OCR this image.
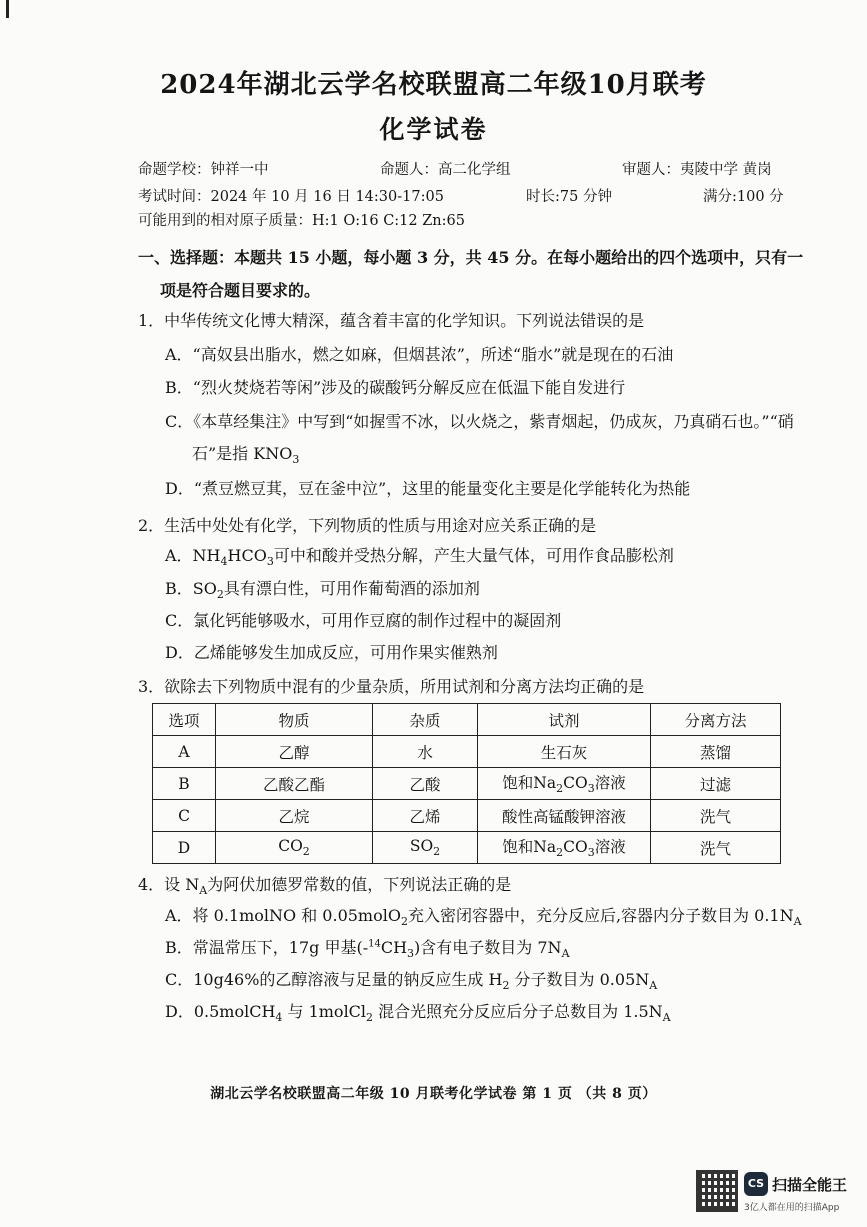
2024年湖北云学名校联盟高二年级10月联考
化学试卷
命题学校：钟祥一中	命题人：高二化学组	审题人：夷陵中学 黄岗
考试时间：2024 年 10 月 16 日 14:30-17:05	时长:75 分钟	满分:100 分
可能用到的相对原子质量：H:1 O:16 C:12 Zn:65
一、选择题：本题共 15 小题，每小题 3 分，共 45 分。在每小题给出的四个选项中，只有一
项是符合题目要求的。
1．中华传统文化博大精深，蕴含着丰富的化学知识。下列说法错误的是
A．“高奴县出脂水，燃之如麻，但烟甚浓”，所述“脂水”就是现在的石油
B．“烈火焚烧若等闲”涉及的碳酸钙分解反应在低温下能自发进行
C．《本草经集注》中写到“如握雪不冰，以火烧之，紫青烟起，仍成灰，乃真硝石也。”“硝
石”是指 $KNO_3$
D．“煮豆燃豆萁，豆在釜中泣”，这里的能量变化主要是化学能转化为热能
2．生活中处处有化学，下列物质的性质与用途对应关系正确的是
A．$NH_4HCO_3$可中和酸并受热分解，产生大量气体，可用作食品膨松剂
B．$SO_2$具有漂白性，可用作葡萄酒的添加剂
C．氯化钙能够吸水，可用作豆腐的制作过程中的凝固剂
D．乙烯能够发生加成反应，可用作果实催熟剂
3．欲除去下列物质中混有的少量杂质，所用试剂和分离方法均正确的是
选项	物质	杂质	试剂	分离方法
A	乙醇	水	生石灰	蒸馏
B	乙酸乙酯	乙酸	饱和$Na_2CO_3$溶液	过滤
C	乙烷	乙烯	酸性高锰酸钾溶液	洗气
D	$CO_2$	$SO_2$	饱和$Na_2CO_3$溶液	洗气
4．设 $N_A$为阿伏加德罗常数的值，下列说法正确的是
A．将 0.1molNO 和 0.05molO$_2$充入密闭容器中，充分反应后,容器内分子数目为 $0.1N_A$
B．常温常压下，17g 甲基$(-^{14}CH_3)$含有电子数目为 $7N_A$
C．10g46%的乙醇溶液与足量的钠反应生成 $H_2$ 分子数目为 $0.05N_A$
D．0.5molCH$_4$ 与 1molCl$_2$ 混合光照充分反应后分子总数目为 $1.5N_A$
湖北云学名校联盟高二年级 10 月联考化学试卷 第 1 页 （共 8 页）
CS 扫描全能王
3亿人都在用的扫描App
